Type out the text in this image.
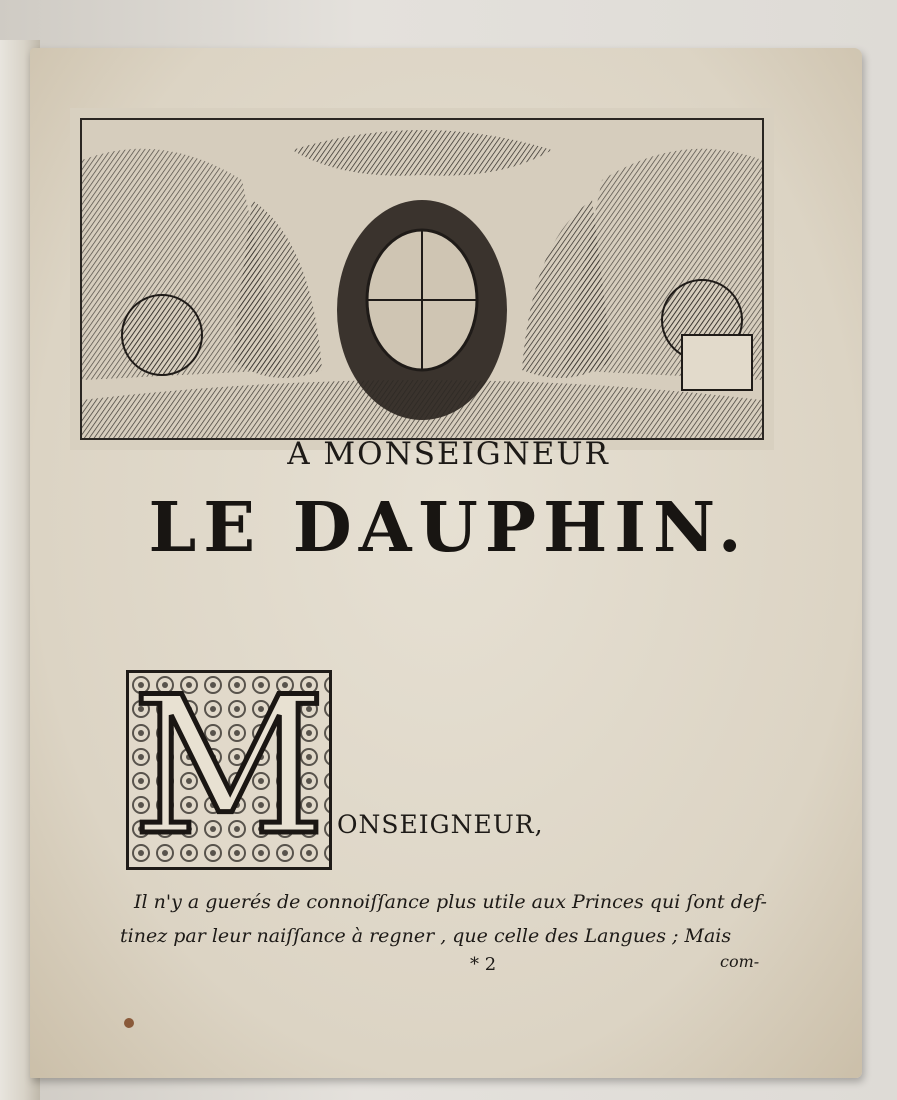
A MONSEIGNEUR
LE DAUPHIN.
M ONSEIGNEUR,
Il n'y a guerés de connoiſſance plus utile aux Princes qui ſont def-
tinez par leur naiſſance à regner , que celle des Langues ; Mais
* 2	com-
